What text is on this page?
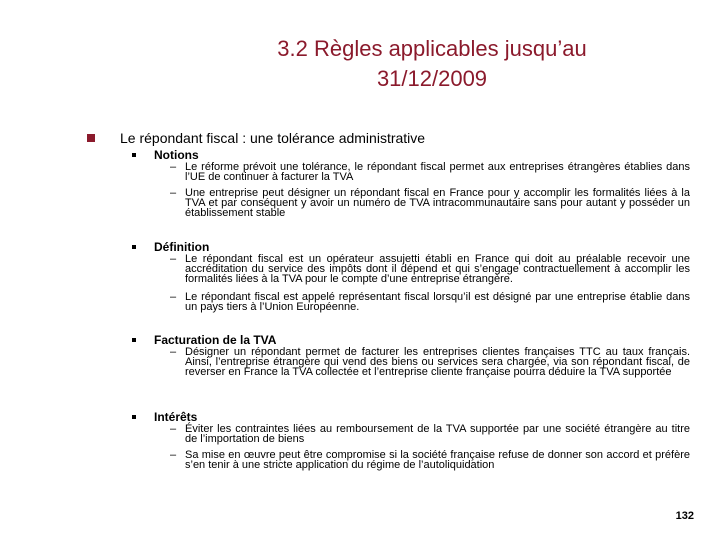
3.2 Règles applicables jusqu’au
31/12/2009
Le répondant fiscal : une tolérance administrative
Notions
– Le réforme prévoit une tolérance, le répondant fiscal permet aux entreprises étrangères établies dans l’UE de continuer à facturer la TVA
– Une entreprise peut désigner un répondant fiscal en France pour y accomplir les formalités liées à la TVA et par conséquent y avoir un numéro de TVA intracommunautaire sans pour autant y posséder un établissement stable
Définition
– Le répondant fiscal est un opérateur assujetti établi en France qui doit au préalable recevoir une accréditation du service des impôts dont il dépend et qui s’engage contractuellement à accomplir les formalités liées à la TVA pour le compte d’une entreprise étrangère.
– Le répondant fiscal est appelé représentant fiscal lorsqu’il est désigné par une entreprise établie dans un pays tiers à l’Union Européenne.
Facturation de la TVA
– Désigner un répondant permet de facturer les entreprises clientes françaises TTC au taux français. Ainsi, l’entreprise étrangère qui vend des biens ou services sera chargée, via son répondant fiscal, de reverser en France la TVA collectée et l’entreprise cliente française pourra déduire la TVA supportée
Intérêts
– Éviter les contraintes liées au remboursement de la TVA supportée par une société étrangère au titre de l’importation de biens
– Sa mise en œuvre peut être compromise si la société française refuse de donner son accord et préfère s’en tenir à une stricte application du régime de l’autoliquidation
132
